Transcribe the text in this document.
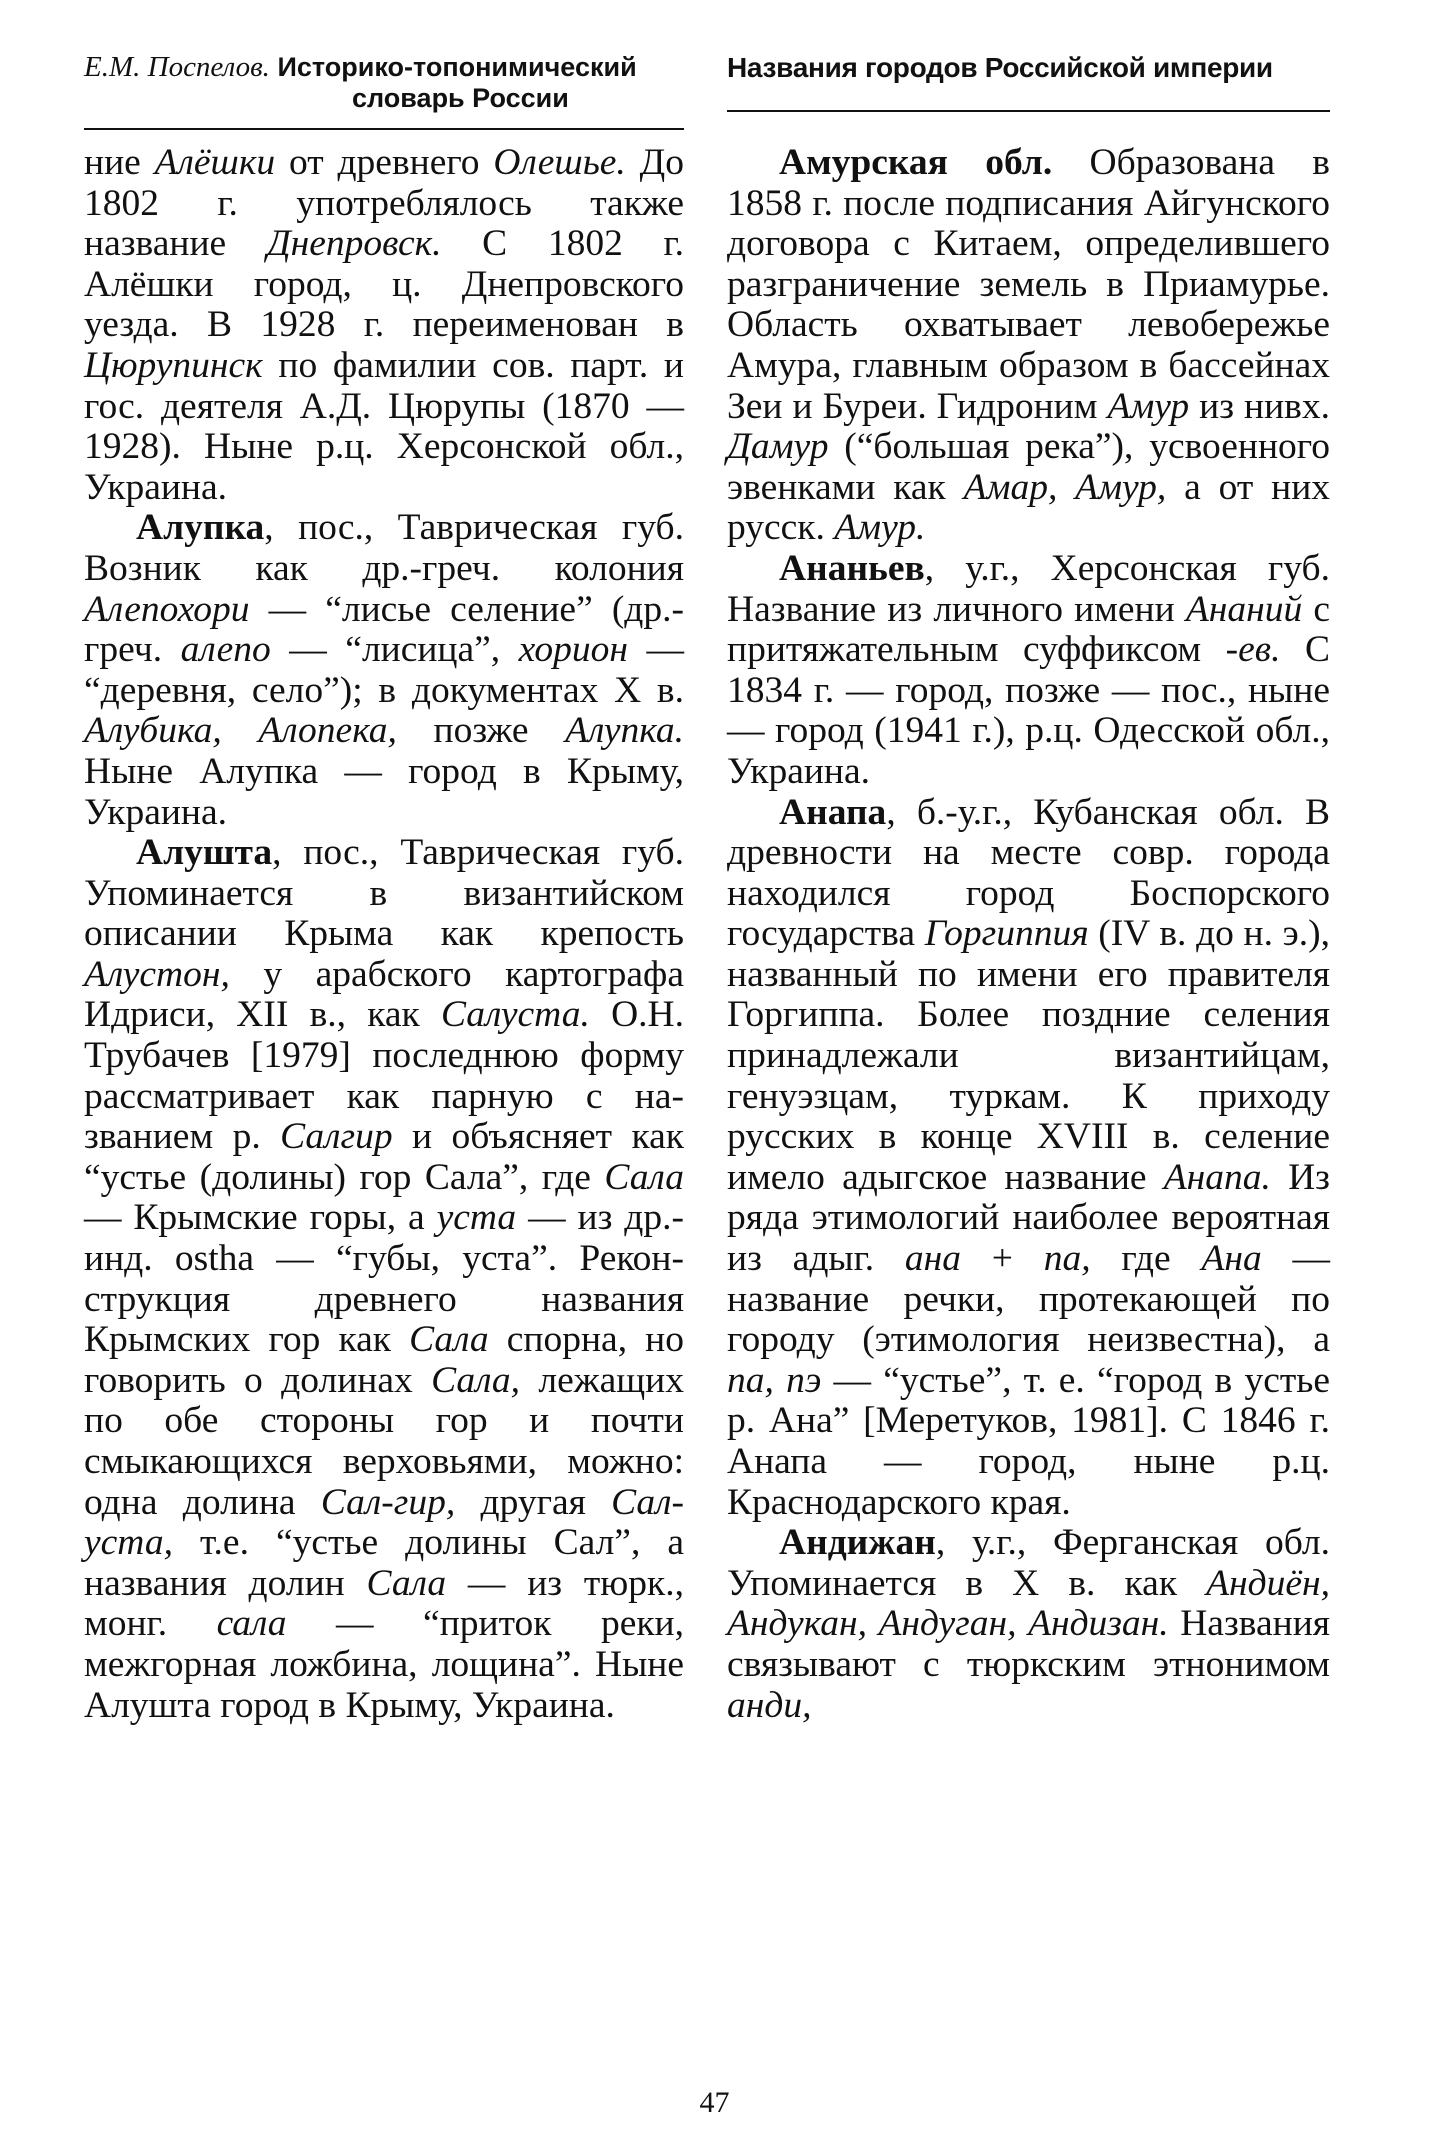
Е.М. Поспелов. Историко-топонимический
словарь России
Названия городов Российской империи

ние Алёшки от древнего Олешье. До 1802 г. употреблялось также название Днепровск. С 1802 г. Алёшки город, ц. Днепровского уезда. В 1928 г. переименован в Цюрупинск по фамилии сов. парт. и гос. деятеля А.Д. Цюрупы (1870 — 1928). Ныне р.ц. Херсонской обл., Украина.

Алупка, пос., Таврическая губ. Возник как др.-греч. колония Алепохори — “лисье селение” (др.-греч. алепо — “лисица”, хорион — “деревня, село”); в документах X в. Алубика, Алопека, позже Алупка. Ныне Алупка — город в Крыму, Украина.

Алушта, пос., Таврическая губ. Упоминается в византийском описании Крыма как крепость Алустон, у арабского картографа Идриси, XII в., как Салуста. О.Н. Трубачев [1979] последнюю форму рассматривает как парную с названием р. Салгир и объясняет как “устье (долины) гор Сала”, где Сала — Крымские горы, а уста — из др.-инд. ostha — “губы, уста”. Реконструкция древнего названия Крымских гор как Сала спорна, но говорить о долинах Сала, лежащих по обе стороны гор и почти смыкающихся верховьями, можно: одна долина Сал-гир, другая Салуста, т.е. “устье долины Сал”, а названия долин Сала — из тюрк., монг. сала — “приток реки, межгорная ложбина, лощина”. Ныне Алушта город в Крыму, Украина.

Амурская обл. Образована в 1858 г. после подписания Айгунского договора с Китаем, определившего разграничение земель в Приамурье. Область охватывает левобережье Амура, главным образом в бассейнах Зеи и Буреи. Гидроним Амур из нивх. Дамур (“большая река”), усвоенного эвенками как Амар, Амур, а от них русск. Амур.

Ананьев, у.г., Херсонская губ. Название из личного имени Ананий с притяжательным суффиксом -ев. С 1834 г. — город, позже — пос., ныне — город (1941 г.), р.ц. Одесской обл., Украина.

Анапа, б.-у.г., Кубанская обл. В древности на месте совр. города находился город Боспорского государства Горгиппия (IV в. до н. э.), названный по имени его правителя Горгиппа. Более поздние селения принадлежали византийцам, генуэзцам, туркам. К приходу русских в конце XVIII в. селение имело адыгское название Анапа. Из ряда этимологий наиболее вероятная из адыг. ана + па, где Ана — название речки, протекающей по городу (этимология неизвестна), а па, пэ — “устье”, т. е. “город в устье р. Ана” [Меретуков, 1981]. С 1846 г. Анапа — город, ныне р.ц. Краснодарского края.

Андижан, у.г., Ферганская обл. Упоминается в X в. как Андиён, Андукан, Андуган, Андизан. Названия связывают с тюркским этнонимом анди,

47
